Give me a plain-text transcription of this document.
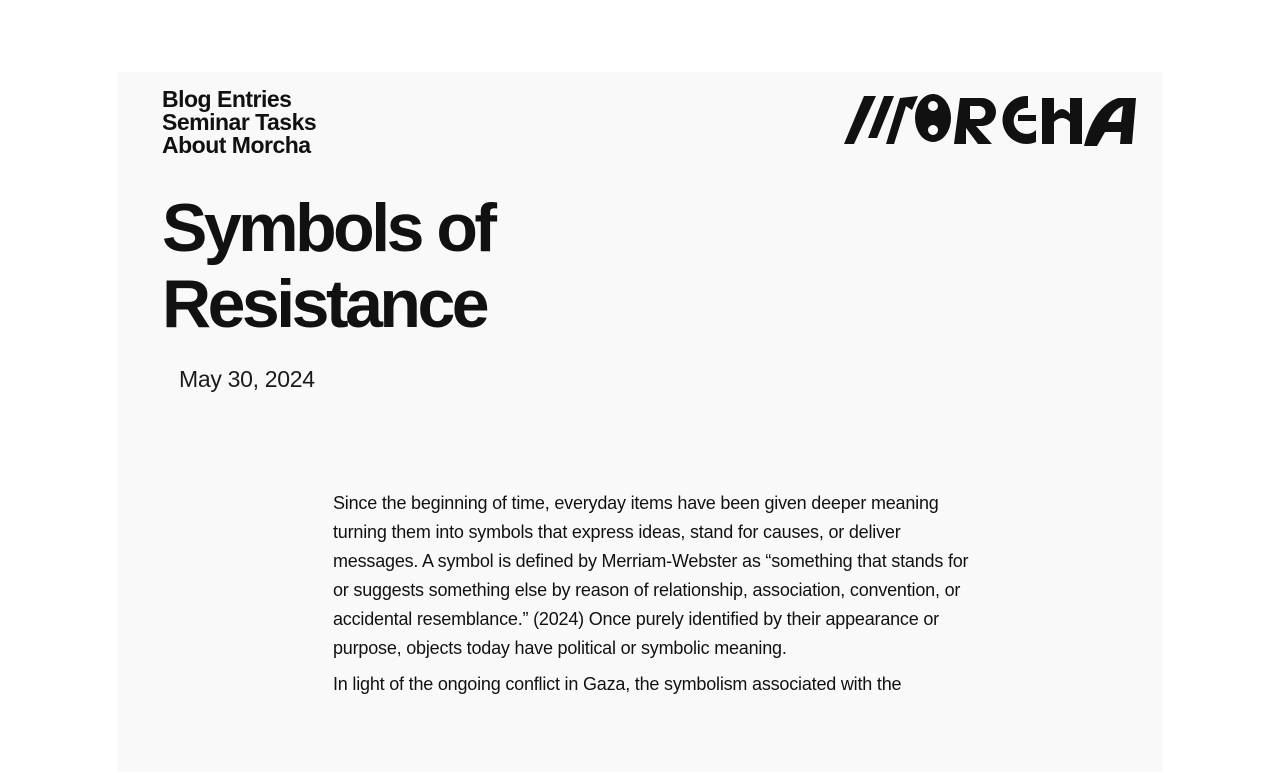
Blog Entries
Seminar Tasks
About Morcha
Symbols of
Resistance
May 30, 2024

Since the beginning of time, everyday items have been given deeper meaning turning them into symbols that express ideas, stand for causes, or deliver messages. A symbol is defined by Merriam-Webster as “something that stands for or suggests something else by reason of relationship, association, convention, or accidental resemblance.” (2024) Once purely identified by their appearance or purpose, objects today have political or symbolic meaning.

In light of the ongoing conflict in Gaza, the symbolism associated with the
